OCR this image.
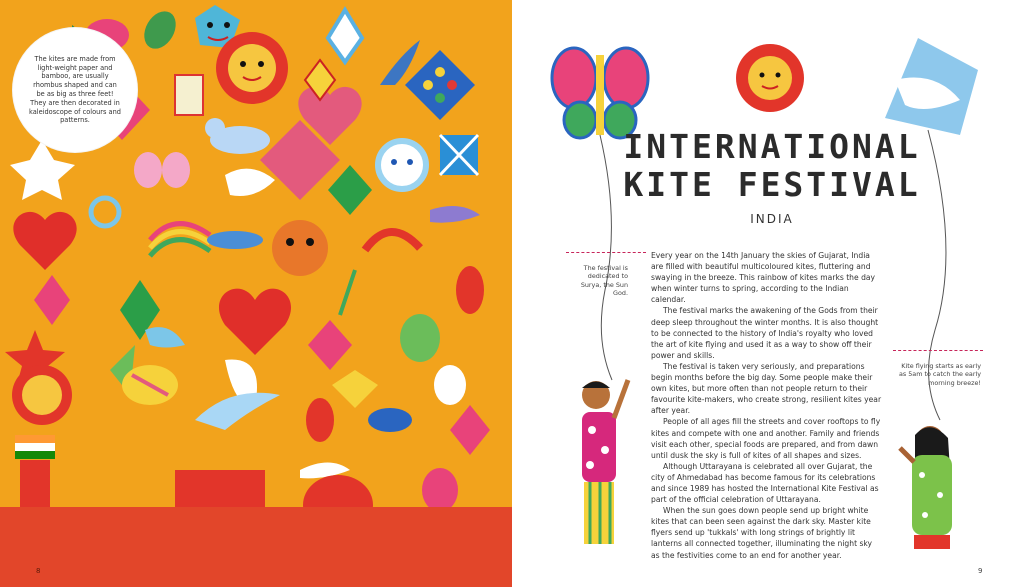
The kites are made from light-weight paper and bamboo, are usually rhombus shaped and can be as big as three feet! They are then decorated in kaleidoscope of colours and patterns.

8
INTERNATIONAL
KITE FESTIVAL
INDIA
The festival is dedicated to Surya, the Sun God.
Kite flying starts as early as 5am to catch the early morning breeze!

Every year on the 14th January the skies of Gujarat, India are filled with beautiful multicoloured kites, fluttering and swaying in the breeze. This rainbow of kites marks the day when winter turns to spring, according to the Indian calendar.

The festival marks the awakening of the Gods from their deep sleep throughout the winter months. It is also thought to be connected to the history of India's royalty who loved the art of kite flying and used it as a way to show off their power and skills.

The festival is taken very seriously, and preparations begin months before the big day. Some people make their own kites, but more often than not people return to their favourite kite-makers, who create strong, resilient kites year after year.

People of all ages fill the streets and cover rooftops to fly kites and compete with one and another. Family and friends visit each other, special foods are prepared, and from dawn until dusk the sky is full of kites of all shapes and sizes.

Although Uttarayana is celebrated all over Gujarat, the city of Ahmedabad has become famous for its celebrations and since 1989 has hosted the International Kite Festival as part of the official celebration of Uttarayana.

When the sun goes down people send up bright white kites that can been seen against the dark sky. Master kite flyers send up 'tukkals' with long strings of brightly lit lanterns all connected together, illuminating the night sky as the festivities come to an end for another year.

9
